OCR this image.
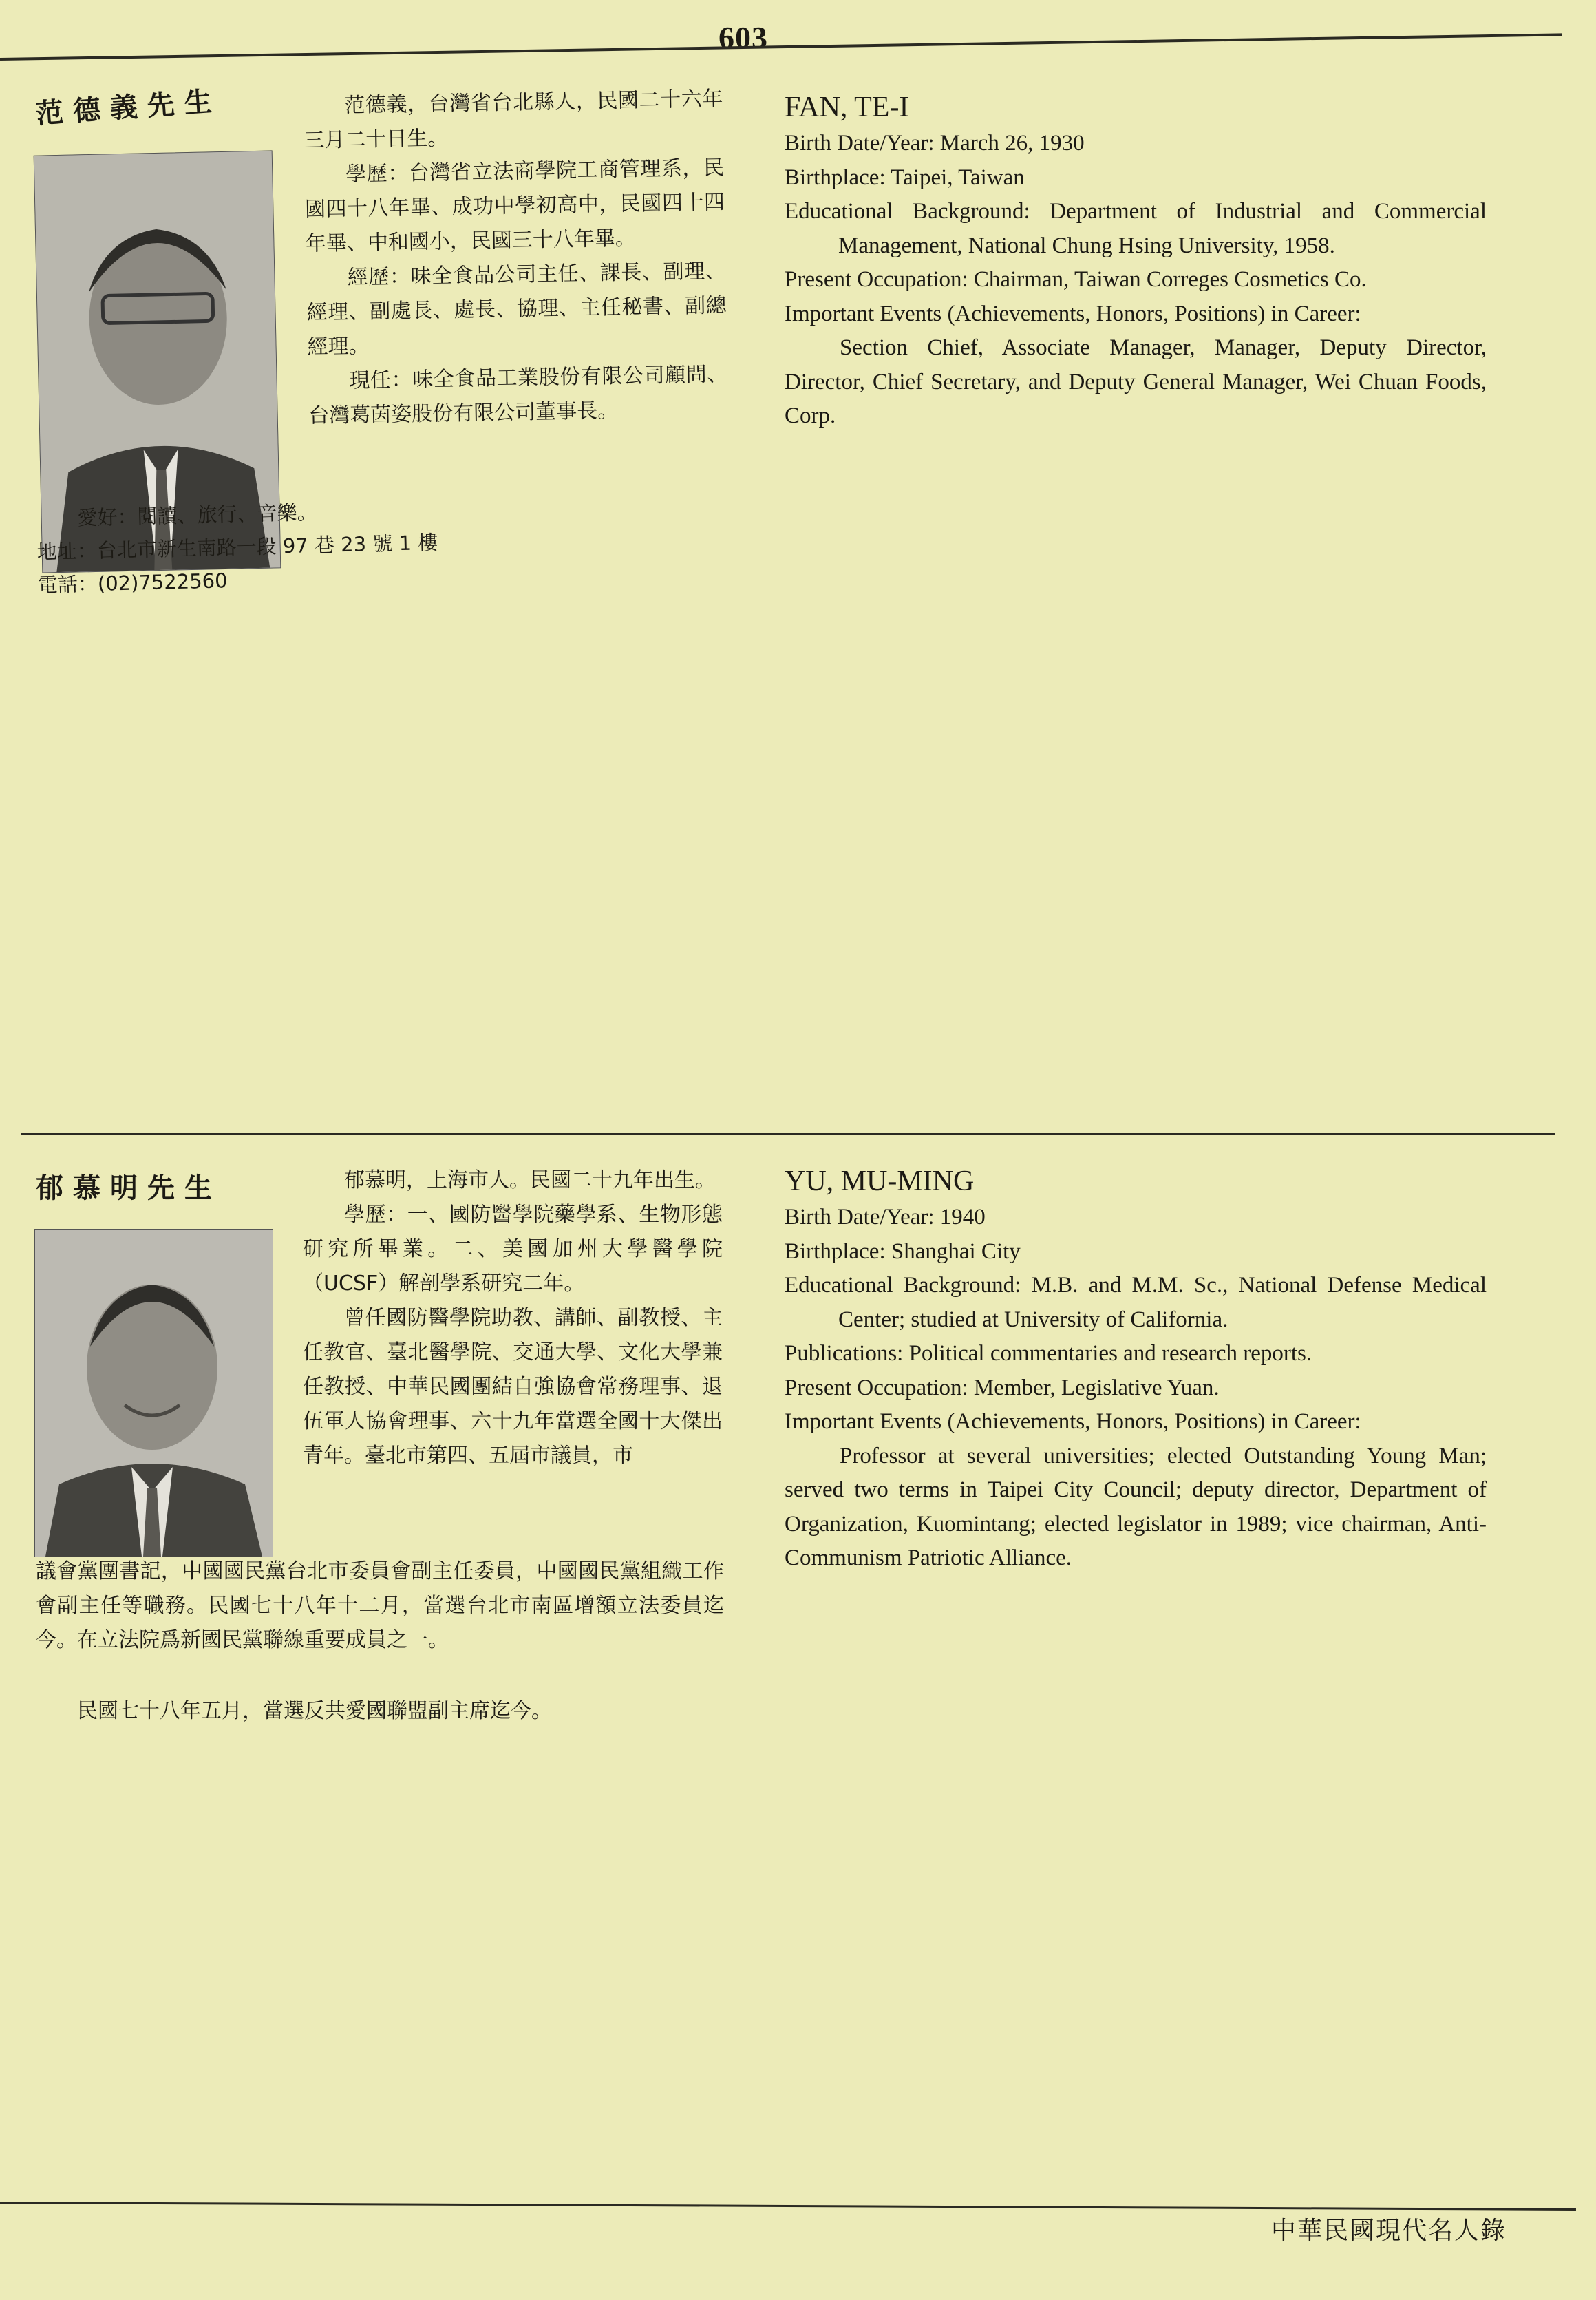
603
范德義先生	范德義，台灣省台北縣人，民國二十六年三月二十日生。

學歷：台灣省立法商學院工商管理系，民國四十八年畢、成功中學初高中，民國四十四年畢、中和國小，民國三十八年畢。

經歷：味全食品公司主任、課長、副理、經理、副處長、處長、協理、主任秘書、副總經理。

現任：味全食品工業股份有限公司顧問、台灣葛茵姿股份有限公司董事長。

愛好：閱讀、旅行、音樂。
地址：台北市新生南路一段 97 巷 23 號 1 樓
電話：(02)7522560
FAN, TE-I
Birth Date/Year: March 26, 1930
Birthplace: Taipei, Taiwan
Educational Background: Department of Industrial and Commercial Management, National Chung Hsing University, 1958.
Present Occupation: Chairman, Taiwan Correges Cosmetics Co.
Important Events (Achievements, Honors, Positions) in Career:
Section Chief, Associate Manager, Manager, Deputy Director, Director, Chief Secretary, and Deputy General Manager, Wei Chuan Foods, Corp.
郁慕明先生	郁慕明，上海市人。民國二十九年出生。

學歷：一、國防醫學院藥學系、生物形態研究所畢業。二、美國加州大學醫學院（UCSF）解剖學系研究二年。

曾任國防醫學院助教、講師、副教授、主任教官、臺北醫學院、交通大學、文化大學兼任教授、中華民國團結自強協會常務理事、退伍軍人協會理事、六十九年當選全國十大傑出青年。臺北市第四、五屆市議員，市

議會黨團書記，中國國民黨台北市委員會副主任委員，中國國民黨組織工作會副主任等職務。民國七十八年十二月，當選台北市南區增額立法委員迄今。在立法院爲新國民黨聯線重要成員之一。

民國七十八年五月，當選反共愛國聯盟副主席迄今。
YU, MU-MING
Birth Date/Year: 1940
Birthplace: Shanghai City
Educational Background: M.B. and M.M. Sc., National Defense Medical Center; studied at University of California.
Publications: Political commentaries and research reports.
Present Occupation: Member, Legislative Yuan.
Important Events (Achievements, Honors, Positions) in Career:
Professor at several universities; elected Outstanding Young Man; served two terms in Taipei City Council; deputy director, Department of Organization, Kuomintang; elected legislator in 1989; vice chairman, Anti-Communism Patriotic Alliance.
中華民國現代名人錄
